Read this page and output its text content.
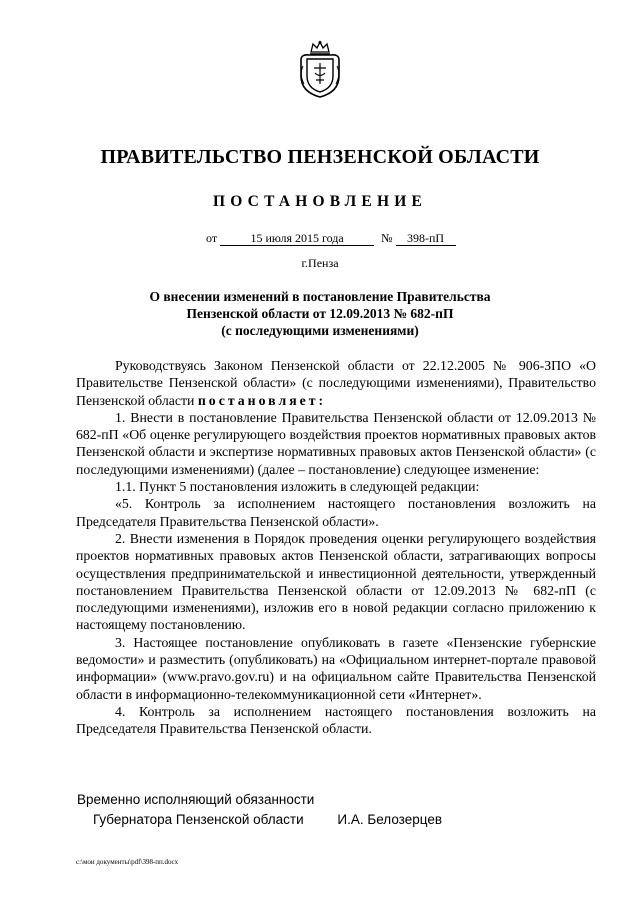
ПРАВИТЕЛЬСТВО ПЕНЗЕНСКОЙ ОБЛАСТИ
ПОСТАНОВЛЕНИЕ
от	15 июля 2015 года	№ 398-пП
г.Пенза
О внесении изменений в постановление Правительства
Пензенской области от 12.09.2013 № 682-пП
(с последующими изменениями)
Руководствуясь Законом Пензенской области от 22.12.2005 № 906-ЗПО «О Правительстве Пензенской области» (с последующими изменениями), Правительство Пензенской области постановляет:
1. Внести в постановление Правительства Пензенской области от 12.09.2013 № 682-пП «Об оценке регулирующего воздействия проектов нормативных правовых актов Пензенской области и экспертизе нормативных правовых актов Пензенской области» (с последующими изменениями) (далее – постановление) следующее изменение:
1.1. Пункт 5 постановления изложить в следующей редакции:
«5. Контроль за исполнением настоящего постановления возложить на Председателя Правительства Пензенской области».
2. Внести изменения в Порядок проведения оценки регулирующего воздействия проектов нормативных правовых актов Пензенской области, затрагивающих вопросы осуществления предпринимательской и инвестиционной деятельности, утвержденный постановлением Правительства Пензенской области от 12.09.2013 № 682-пП (с последующими изменениями), изложив его в новой редакции согласно приложению к настоящему постановлению.
3. Настоящее постановление опубликовать в газете «Пензенские губернские ведомости» и разместить (опубликовать) на «Официальном интернет-портале правовой информации» (www.pravo.gov.ru) и на официальном сайте Правительства Пензенской области в информационно-телекоммуникационной сети «Интернет».
4. Контроль за исполнением настоящего постановления возложить на Председателя Правительства Пензенской области.
Временно исполняющий обязанности
Губернатора Пензенской области	И.А. Белозерцев
c:\мои документы\pdf\398-пп.docx
